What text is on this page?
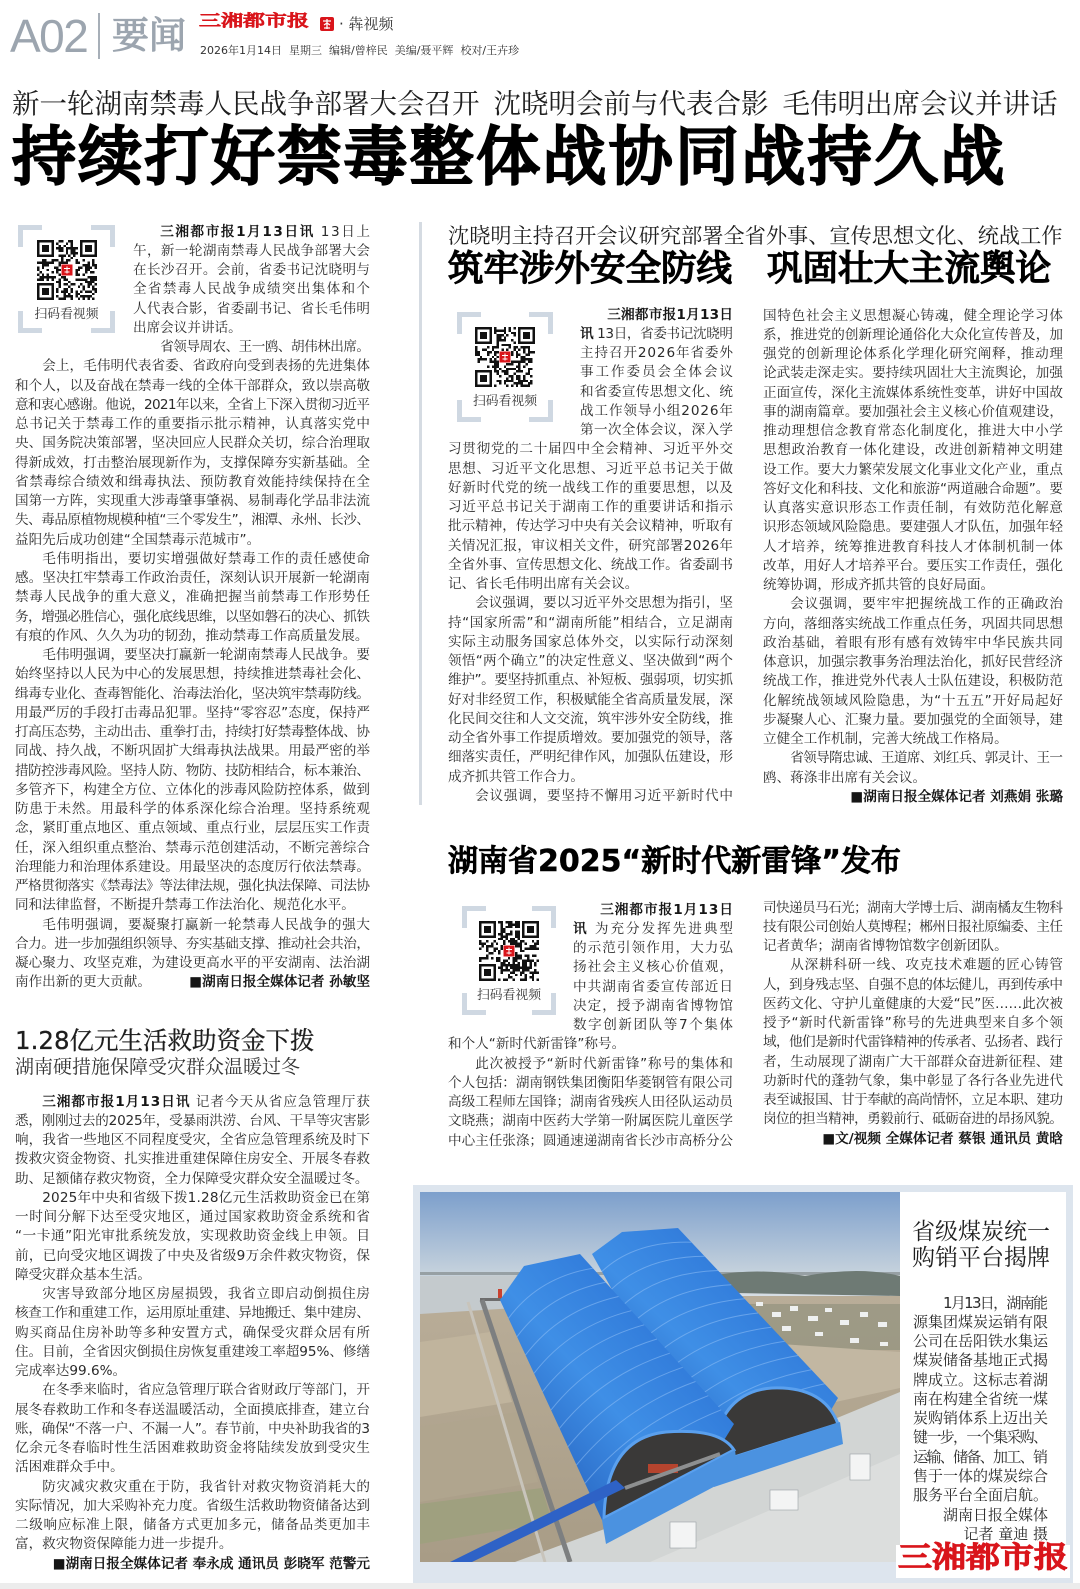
A02 要闻 三湘都市报 · 犇视频
2026年1月14日 星期三 编辑/曾梓民 美编/聂平辉 校对/王卉珍
新一轮湖南禁毒人民战争部署大会召开 沈晓明会前与代表合影 毛伟明出席会议并讲话
持续打好禁毒整体战协同战持久战
扫码看视频
三湘都市报1月13日讯 13日上
午，新一轮湖南禁毒人民战争部署大会
在长沙召开。会前，省委书记沈晓明与
全省禁毒人民战争成绩突出集体和个
人代表合影，省委副书记、省长毛伟明
出席会议并讲话。
省领导周农、王一鸥、胡伟林出席。
会上，毛伟明代表省委、省政府向受到表扬的先进集体
和个人，以及奋战在禁毒一线的全体干部群众，致以崇高敬
意和衷心感谢。他说，2021年以来，全省上下深入贯彻习近平
总书记关于禁毒工作的重要指示批示精神，认真落实党中
央、国务院决策部署，坚决回应人民群众关切，综合治理取
得新成效，打击整治展现新作为，支撑保障夯实新基础。全
省禁毒综合绩效和缉毒执法、预防教育效能持续保持在全
国第一方阵，实现重大涉毒肇事肇祸、易制毒化学品非法流
失、毒品原植物规模种植“三个零发生”，湘潭、永州、长沙、
益阳先后成功创建“全国禁毒示范城市”。
毛伟明指出，要切实增强做好禁毒工作的责任感使命
感。坚决扛牢禁毒工作政治责任，深刻认识开展新一轮湖南
禁毒人民战争的重大意义，准确把握当前禁毒工作形势任
务，增强必胜信心，强化底线思维，以坚如磐石的决心、抓铁
有痕的作风、久久为功的韧劲，推动禁毒工作高质量发展。
毛伟明强调，要坚决打赢新一轮湖南禁毒人民战争。要
始终坚持以人民为中心的发展思想，持续推进禁毒社会化、
缉毒专业化、查毒智能化、治毒法治化，坚决筑牢禁毒防线。
用最严厉的手段打击毒品犯罪。坚持“零容忍”态度，保持严
打高压态势，主动出击、重拳打击，持续打好禁毒整体战、协
同战、持久战，不断巩固扩大缉毒执法战果。用最严密的举
措防控涉毒风险。坚持人防、物防、技防相结合，标本兼治、
多管齐下，构建全方位、立体化的涉毒风险防控体系，做到
防患于未然。用最科学的体系深化综合治理。坚持系统观
念，紧盯重点地区、重点领域、重点行业，层层压实工作责
任，深入组织重点整治、禁毒示范创建活动，不断完善综合
治理能力和治理体系建设。用最坚决的态度厉行依法禁毒。
严格贯彻落实《禁毒法》等法律法规，强化执法保障、司法协
同和法律监督，不断提升禁毒工作法治化、规范化水平。
毛伟明强调，要凝聚打赢新一轮禁毒人民战争的强大
合力。进一步加强组织领导、夯实基础支撑、推动社会共治，
凝心聚力、攻坚克难，为建设更高水平的平安湖南、法治湖
南作出新的更大贡献。	■湖南日报全媒体记者 孙敏坚
1.28亿元生活救助资金下拨
湖南硬措施保障受灾群众温暖过冬
三湘都市报1月13日讯 记者今天从省应急管理厅获
悉，刚刚过去的2025年，受暴雨洪涝、台风、干旱等灾害影
响，我省一些地区不同程度受灾，全省应急管理系统及时下
拨救灾资金物资、扎实推进重建保障住房安全、开展冬春救
助、足额储存救灾物资，全力保障受灾群众安全温暖过冬。
2025年中央和省级下拨1.28亿元生活救助资金已在第
一时间分解下达至受灾地区，通过国家救助资金系统和省
“一卡通”阳光审批系统发放，实现救助资金线上申领。目
前，已向受灾地区调拨了中央及省级9万余件救灾物资，保
障受灾群众基本生活。
灾害导致部分地区房屋损毁，我省立即启动倒损住房
核查工作和重建工作，运用原址重建、异地搬迁、集中建房、
购买商品住房补助等多种安置方式，确保受灾群众居有所
住。目前，全省因灾倒损住房恢复重建竣工率超95%、修缮
完成率达99.6%。
在冬季来临时，省应急管理厅联合省财政厅等部门，开
展冬春救助工作和冬春送温暖活动，全面摸底排查，建立台
账，确保“不落一户、不漏一人”。春节前，中央补助我省的3
亿余元冬春临时性生活困难救助资金将陆续发放到受灾生
活困难群众手中。
防灾减灾救灾重在于防，我省针对救灾物资消耗大的
实际情况，加大采购补充力度。省级生活救助物资储备达到
二级响应标准上限，储备方式更加多元，储备品类更加丰
富，救灾物资保障能力进一步提升。
■湖南日报全媒体记者 奉永成 通讯员 彭晓军 范警元
沈晓明主持召开会议研究部署全省外事、宣传思想文化、统战工作
筑牢涉外安全防线 巩固壮大主流舆论
扫码看视频
三湘都市报1月13日
讯 13日，省委书记沈晓明
主持召开2026年省委外
事工作委员会全体会议
和省委宣传思想文化、统
战工作领导小组2026年
第一次全体会议，深入学
习贯彻党的二十届四中全会精神、习近平外交
思想、习近平文化思想、习近平总书记关于做
好新时代党的统一战线工作的重要思想，以及
习近平总书记关于湖南工作的重要讲话和指示
批示精神，传达学习中央有关会议精神，听取有
关情况汇报，审议相关文件，研究部署2026年
全省外事、宣传思想文化、统战工作。省委副书
记、省长毛伟明出席有关会议。
会议强调，要以习近平外交思想为指引，坚
持“国家所需”和“湖南所能”相结合，立足湖南
实际主动服务国家总体外交，以实际行动深刻
领悟“两个确立”的决定性意义、坚决做到“两个
维护”。要坚持抓重点、补短板、强弱项，切实抓
好对非经贸工作，积极赋能全省高质量发展，深
化民间交往和人文交流，筑牢涉外安全防线，推
动全省外事工作提质增效。要加强党的领导，落
细落实责任，严明纪律作风，加强队伍建设，形
成齐抓共管工作合力。
会议强调，要坚持不懈用习近平新时代中
国特色社会主义思想凝心铸魂，健全理论学习体
系，推进党的创新理论通俗化大众化宣传普及，加
强党的创新理论体系化学理化研究阐释，推动理
论武装走深走实。要持续巩固壮大主流舆论，加强
正面宣传，深化主流媒体系统性变革，讲好中国故
事的湖南篇章。要加强社会主义核心价值观建设，
推动理想信念教育常态化制度化，推进大中小学
思想政治教育一体化建设，改进创新精神文明建
设工作。要大力繁荣发展文化事业文化产业，重点
答好文化和科技、文化和旅游“两道融合命题”。要
认真落实意识形态工作责任制，有效防范化解意
识形态领域风险隐患。要建强人才队伍，加强年轻
人才培养，统筹推进教育科技人才体制机制一体
改革，用好人才培养平台。要压实工作责任，强化
统筹协调，形成齐抓共管的良好局面。
会议强调，要牢牢把握统战工作的正确政治
方向，落细落实统战工作重点任务，巩固共同思想
政治基础，着眼有形有感有效铸牢中华民族共同
体意识，加强宗教事务治理法治化，抓好民营经济
统战工作，推进党外代表人士队伍建设，积极防范
化解统战领域风险隐患，为“十五五”开好局起好
步凝聚人心、汇聚力量。要加强党的全面领导，建
立健全工作机制，完善大统战工作格局。
省领导隋忠诚、王道席、刘红兵、郭灵计、王一
鸥、蒋涤非出席有关会议。
■湖南日报全媒体记者 刘燕娟 张璐
湖南省2025“新时代新雷锋”发布
扫码看视频
三湘都市报1月13日
讯 为充分发挥先进典型
的示范引领作用，大力弘
扬社会主义核心价值观，
中共湖南省委宣传部近日
决定，授予湖南省博物馆
数字创新团队等7个集体
和个人“新时代新雷锋”称号。
此次被授予“新时代新雷锋”称号的集体和
个人包括：湖南钢铁集团衡阳华菱钢管有限公司
高级工程师左国锋；湖南省残疾人田径队运动员
文晓燕；湖南中医药大学第一附属医院儿童医学
中心主任张涤；圆通速递湖南省长沙市高桥分公
司快递员马石光；湖南大学博士后、湖南橘友生物科
技有限公司创始人莫博程；郴州日报社原编委、主任
记者黄华；湖南省博物馆数字创新团队。
从深耕科研一线、攻克技术难题的匠心铸管
人，到身残志坚、自强不息的体坛健儿，再到传承中
医药文化、守护儿童健康的大爱“民”医……此次被
授予“新时代新雷锋”称号的先进典型来自多个领
域，他们是新时代雷锋精神的传承者、弘扬者、践行
者，生动展现了湖南广大干部群众奋进新征程、建
功新时代的蓬勃气象，集中彰显了各行各业先进代
表至诚报国、甘于奉献的高尚情怀，立足本职、建功
岗位的担当精神，勇毅前行、砥砺奋进的昂扬风貌。
■文/视频 全媒体记者 蔡银 通讯员 黄晗
省级煤炭统一
购销平台揭牌
1月13日，湖南能
源集团煤炭运销有限
公司在岳阳铁水集运
煤炭储备基地正式揭
牌成立。这标志着湖
南在构建全省统一煤
炭购销体系上迈出关
键一步，一个集采购、
运输、储备、加工、销
售于一体的煤炭综合
服务平台全面启航。
湖南日报全媒体
记者 童迪 摄
三湘都市报
